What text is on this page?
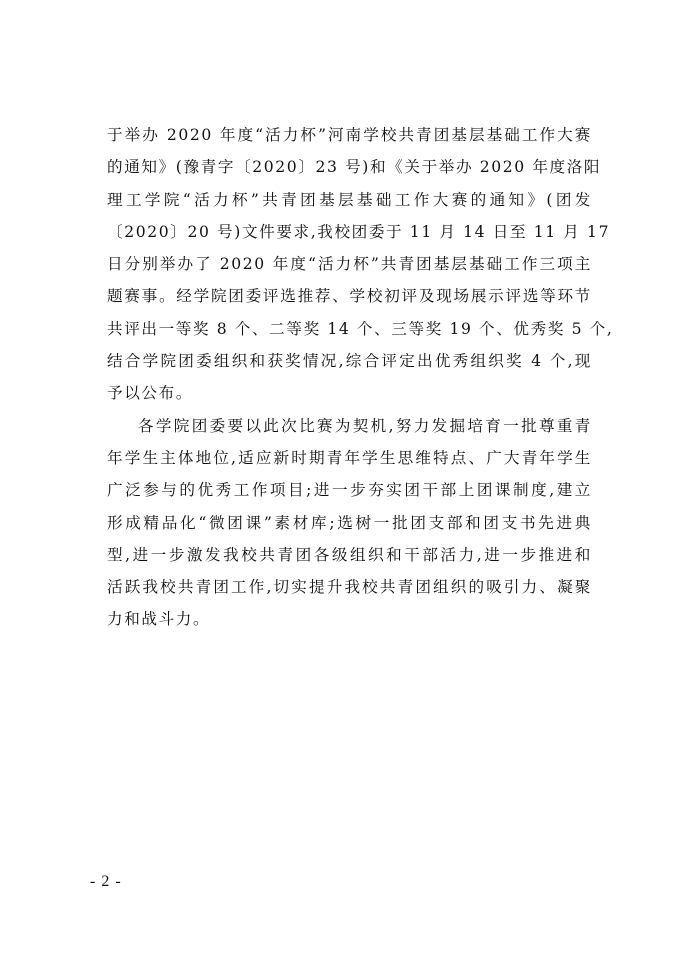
于举办 2020 年度“活力杯”河南学校共青团基层基础工作大赛
的通知》(豫青字〔2020〕23 号)和《关于举办 2020 年度洛阳
理工学院“活力杯”共青团基层基础工作大赛的通知》(团发
〔2020〕20 号)文件要求,我校团委于 11 月 14 日至 11 月 17
日分别举办了 2020 年度“活力杯”共青团基层基础工作三项主
题赛事。经学院团委评选推荐、学校初评及现场展示评选等环节
共评出一等奖 8 个、二等奖 14 个、三等奖 19 个、优秀奖 5 个,
结合学院团委组织和获奖情况,综合评定出优秀组织奖 4 个,现
予以公布。
各学院团委要以此次比赛为契机,努力发掘培育一批尊重青
年学生主体地位,适应新时期青年学生思维特点、广大青年学生
广泛参与的优秀工作项目;进一步夯实团干部上团课制度,建立
形成精品化“微团课”素材库;选树一批团支部和团支书先进典
型,进一步激发我校共青团各级组织和干部活力,进一步推进和
活跃我校共青团工作,切实提升我校共青团组织的吸引力、凝聚
力和战斗力。
- 2 -
